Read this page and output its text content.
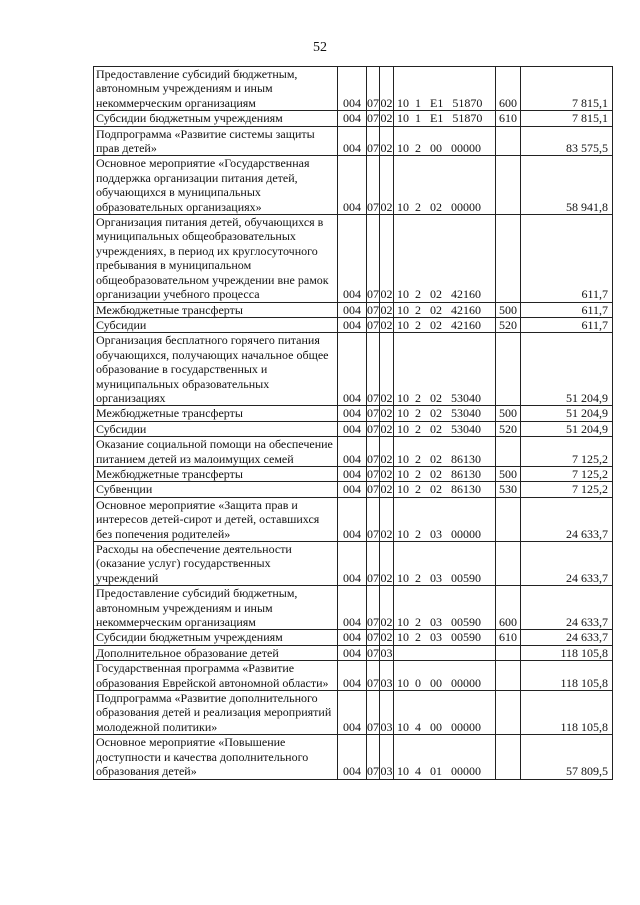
52
Предоставление субсидий бюджетным, автономным учреждениям и иным некоммерческим организациям	004	07	02	10  1   Е1   51870	600	7 815,1
Субсидии бюджетным учреждениям	004	07	02	10  1   Е1   51870	610	7 815,1
Подпрограмма «Развитие системы защиты прав детей»	004	07	02	10  2   00   00000		83 575,5
Основное мероприятие «Государственная поддержка организации питания детей, обучающихся в муниципальных образовательных организациях»	004	07	02	10  2   02   00000		58 941,8
Организация питания детей, обучающихся в муниципальных общеобразовательных учреждениях, в период их круглосуточного пребывания в муниципальном общеобразовательном учреждении вне рамок организации учебного процесса	004	07	02	10  2   02   42160		611,7
Межбюджетные трансферты	004	07	02	10  2   02   42160	500	611,7
Субсидии	004	07	02	10  2   02   42160	520	611,7
Организация бесплатного горячего питания обучающихся, получающих начальное общее образование в государственных и муниципальных образовательных организациях	004	07	02	10  2   02   53040		51 204,9
Межбюджетные трансферты	004	07	02	10  2   02   53040	500	51 204,9
Субсидии	004	07	02	10  2   02   53040	520	51 204,9
Оказание социальной помощи на обеспечение питанием детей из малоимущих семей	004	07	02	10  2   02   86130		7 125,2
Межбюджетные трансферты	004	07	02	10  2   02   86130	500	7 125,2
Субвенции	004	07	02	10  2   02   86130	530	7 125,2
Основное мероприятие «Защита прав и интересов детей-сирот и детей, оставшихся без попечения родителей»	004	07	02	10  2   03   00000		24 633,7
Расходы на обеспечение деятельности (оказание услуг) государственных учреждений	004	07	02	10  2   03   00590		24 633,7
Предоставление субсидий бюджетным, автономным учреждениям и иным некоммерческим организациям	004	07	02	10  2   03   00590	600	24 633,7
Субсидии бюджетным учреждениям	004	07	02	10  2   03   00590	610	24 633,7
Дополнительное образование детей	004	07	03			118 105,8
Государственная программа «Развитие образования Еврейской автономной области»	004	07	03	10  0   00   00000		118 105,8
Подпрограмма «Развитие дополнительного образования детей и реализация мероприятий молодежной политики»	004	07	03	10  4   00   00000		118 105,8
Основное мероприятие «Повышение доступности и качества дополнительного образования детей»	004	07	03	10  4   01   00000		57 809,5
